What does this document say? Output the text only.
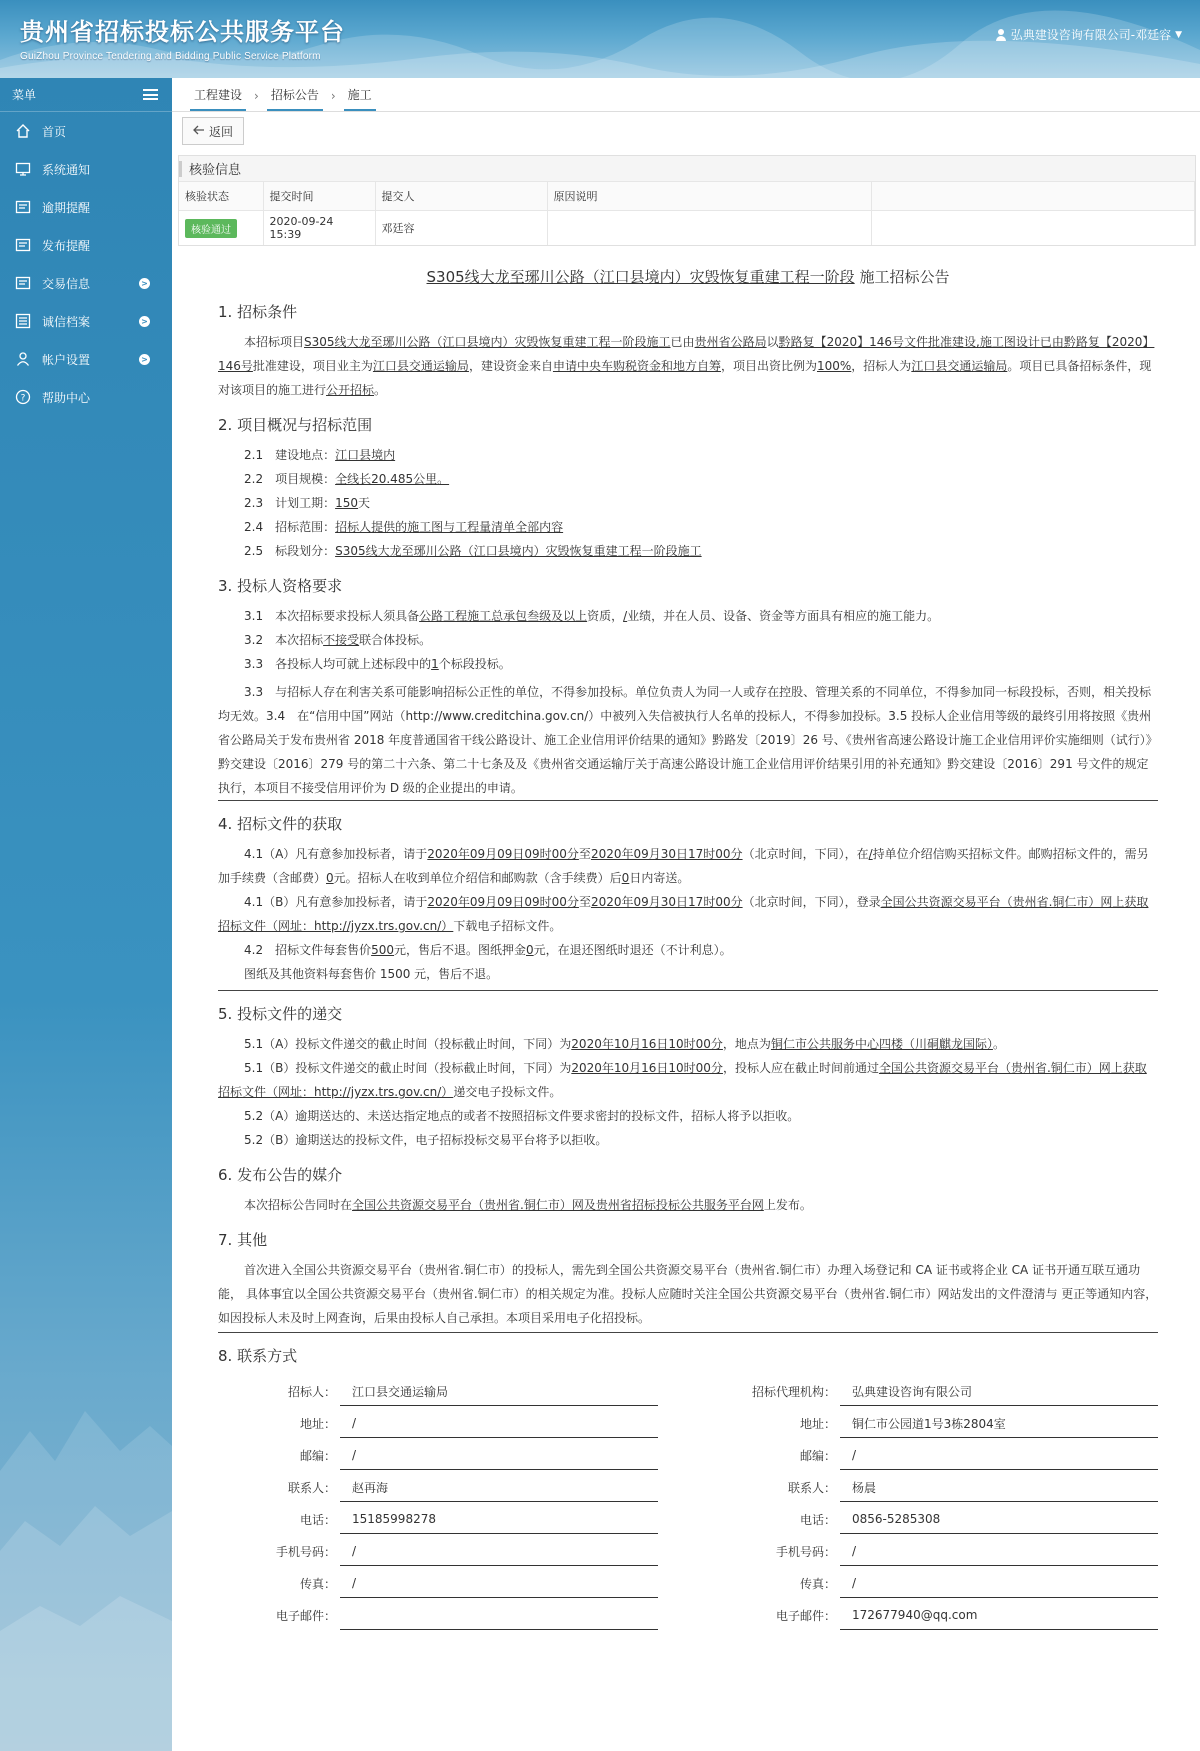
贵州省招标投标公共服务平台
GuiZhou Province Tendering and Bidding Public Service Platform
弘典建设咨询有限公司-邓廷容 ▼
菜单
首页
系统通知
逾期提醒
发布提醒
交易信息	>
诚信档案	>
帐户设置	>
? 帮助中心
工程建设	›	招标公告	›	施工
返回
核验信息
核验状态	提交时间	提交人	原因说明	
核验通过	2020-09-24 15:39	邓廷容		
S305线大龙至琊川公路（江口县境内）灾毁恢复重建工程一阶段 施工招标公告
1. 招标条件
本招标项目S305线大龙至琊川公路（江口县境内）灾毁恢复重建工程一阶段施工已由贵州省公路局以黔路复【2020】146号文件批准建设,施工图设计已由黔路复【2020】146号批准建设，项目业主为江口县交通运输局，建设资金来自申请中央车购税资金和地方自筹，项目出资比例为100%，招标人为江口县交通运输局。项目已具备招标条件，现对该项目的施工进行公开招标。
2. 项目概况与招标范围
2.1　建设地点：江口县境内
2.2　项目规模：全线长20.485公里。
2.3　计划工期：150天
2.4　招标范围：招标人提供的施工图与工程量清单全部内容
2.5　标段划分：S305线大龙至琊川公路（江口县境内）灾毁恢复重建工程一阶段施工
3. 投标人资格要求
3.1　本次招标要求投标人须具备公路工程施工总承包叁级及以上资质，/业绩，并在人员、设备、资金等方面具有相应的施工能力。
3.2　本次招标不接受联合体投标。
3.3　各投标人均可就上述标段中的1个标段投标。
3.3　与招标人存在利害关系可能影响招标公正性的单位，不得参加投标。单位负责人为同一人或存在控股、管理关系的不同单位，不得参加同一标段投标，否则，相关投标均无效。3.4　在“信用中国”网站（http://www.creditchina.gov.cn/）中被列入失信被执行人名单的投标人，不得参加投标。3.5 投标人企业信用等级的最终引用将按照《贵州省公路局关于发布贵州省 2018 年度普通国省干线公路设计、施工企业信用评价结果的通知》黔路发〔2019〕26 号、《贵州省高速公路设计施工企业信用评价实施细则（试行）》黔交建设〔2016〕279 号的第二十六条、第二十七条及及《贵州省交通运输厅关于高速公路设计施工企业信用评价结果引用的补充通知》黔交建设〔2016〕291 号文件的规定执行，本项目不接受信用评价为 D 级的企业提出的申请。
4. 招标文件的获取
4.1（A）凡有意参加投标者，请于2020年09月09日09时00分至2020年09月30日17时00分（北京时间，下同），在/持单位介绍信购买招标文件。邮购招标文件的，需另加手续费（含邮费）0元。招标人在收到单位介绍信和邮购款（含手续费）后0日内寄送。
4.1（B）凡有意参加投标者，请于2020年09月09日09时00分至2020年09月30日17时00分（北京时间，下同），登录全国公共资源交易平台（贵州省.铜仁市）网上获取招标文件（网址：http://jyzx.trs.gov.cn/）下载电子招标文件。
4.2　招标文件每套售价500元，售后不退。图纸押金0元，在退还图纸时退还（不计利息）。
图纸及其他资料每套售价 1500 元，售后不退。
5. 投标文件的递交
5.1（A）投标文件递交的截止时间（投标截止时间，下同）为2020年10月16日10时00分，地点为铜仁市公共服务中心四楼（川硐麒龙国际）。
5.1（B）投标文件递交的截止时间（投标截止时间，下同）为2020年10月16日10时00分，投标人应在截止时间前通过全国公共资源交易平台（贵州省.铜仁市）网上获取招标文件（网址：http://jyzx.trs.gov.cn/）递交电子投标文件。
5.2（A）逾期送达的、未送达指定地点的或者不按照招标文件要求密封的投标文件，招标人将予以拒收。
5.2（B）逾期送达的投标文件，电子招标投标交易平台将予以拒收。
6. 发布公告的媒介
本次招标公告同时在全国公共资源交易平台（贵州省.铜仁市）网及贵州省招标投标公共服务平台网上发布。
7. 其他
首次进入全国公共资源交易平台（贵州省.铜仁市）的投标人，需先到全国公共资源交易平台（贵州省.铜仁市）办理入场登记和 CA 证书或将企业 CA 证书开通互联互通功能， 具体事宜以全国公共资源交易平台（贵州省.铜仁市）的相关规定为准。投标人应随时关注全国公共资源交易平台（贵州省.铜仁市）网站发出的文件澄清与 更正等通知内容，如因投标人未及时上网查询，后果由投标人自己承担。本项目采用电子化招投标。
8. 联系方式
招标人：	江口县交通运输局
地址：	/
邮编：	/
联系人：	赵再海
电话：	15185998278
手机号码：	/
传真：	/
电子邮件：
招标代理机构：	弘典建设咨询有限公司
地址：	铜仁市公园道1号3栋2804室
邮编：	/
联系人：	杨晨
电话：	0856-5285308
手机号码：	/
传真：	/
电子邮件：	172677940@qq.com
